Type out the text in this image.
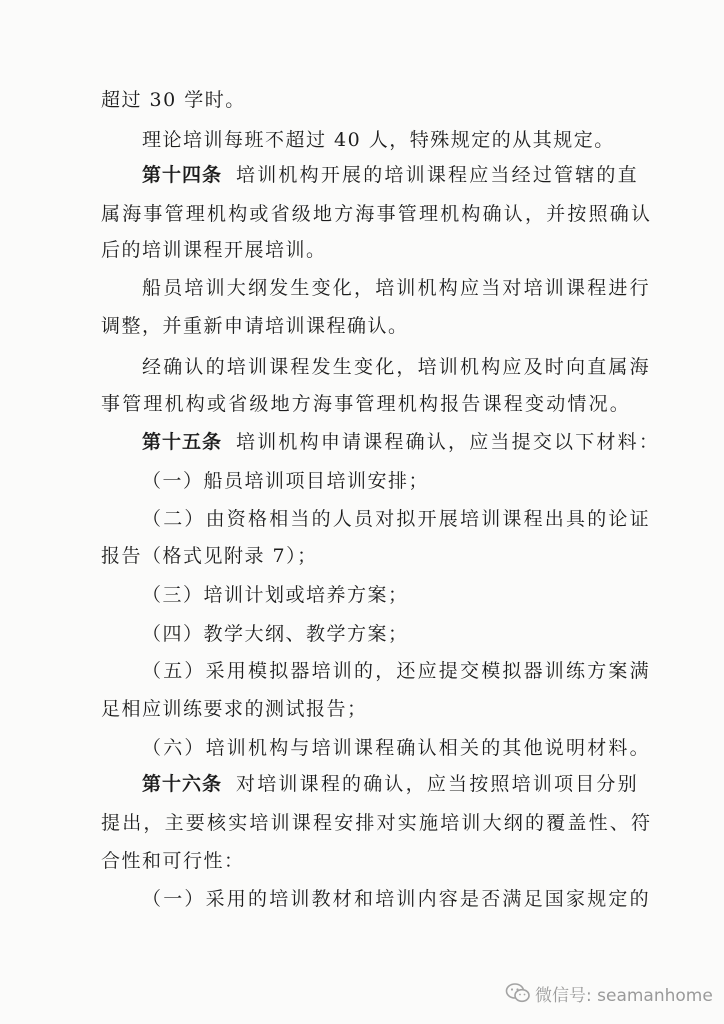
超过 30 学时。
理论培训每班不超过 40 人，特殊规定的从其规定。
第十四条 培训机构开展的培训课程应当经过管辖的直
属海事管理机构或省级地方海事管理机构确认，并按照确认
后的培训课程开展培训。
船员培训大纲发生变化，培训机构应当对培训课程进行
调整，并重新申请培训课程确认。
经确认的培训课程发生变化，培训机构应及时向直属海
事管理机构或省级地方海事管理机构报告课程变动情况。
第十五条 培训机构申请课程确认，应当提交以下材料：
（一）船员培训项目培训安排；
（二）由资格相当的人员对拟开展培训课程出具的论证
报告（格式见附录 7）；
（三）培训计划或培养方案；
（四）教学大纲、教学方案；
（五）采用模拟器培训的，还应提交模拟器训练方案满
足相应训练要求的测试报告；
（六）培训机构与培训课程确认相关的其他说明材料。
第十六条 对培训课程的确认，应当按照培训项目分别
提出，主要核实培训课程安排对实施培训大纲的覆盖性、符
合性和可行性：
（一）采用的培训教材和培训内容是否满足国家规定的
微信号: seamanhome
